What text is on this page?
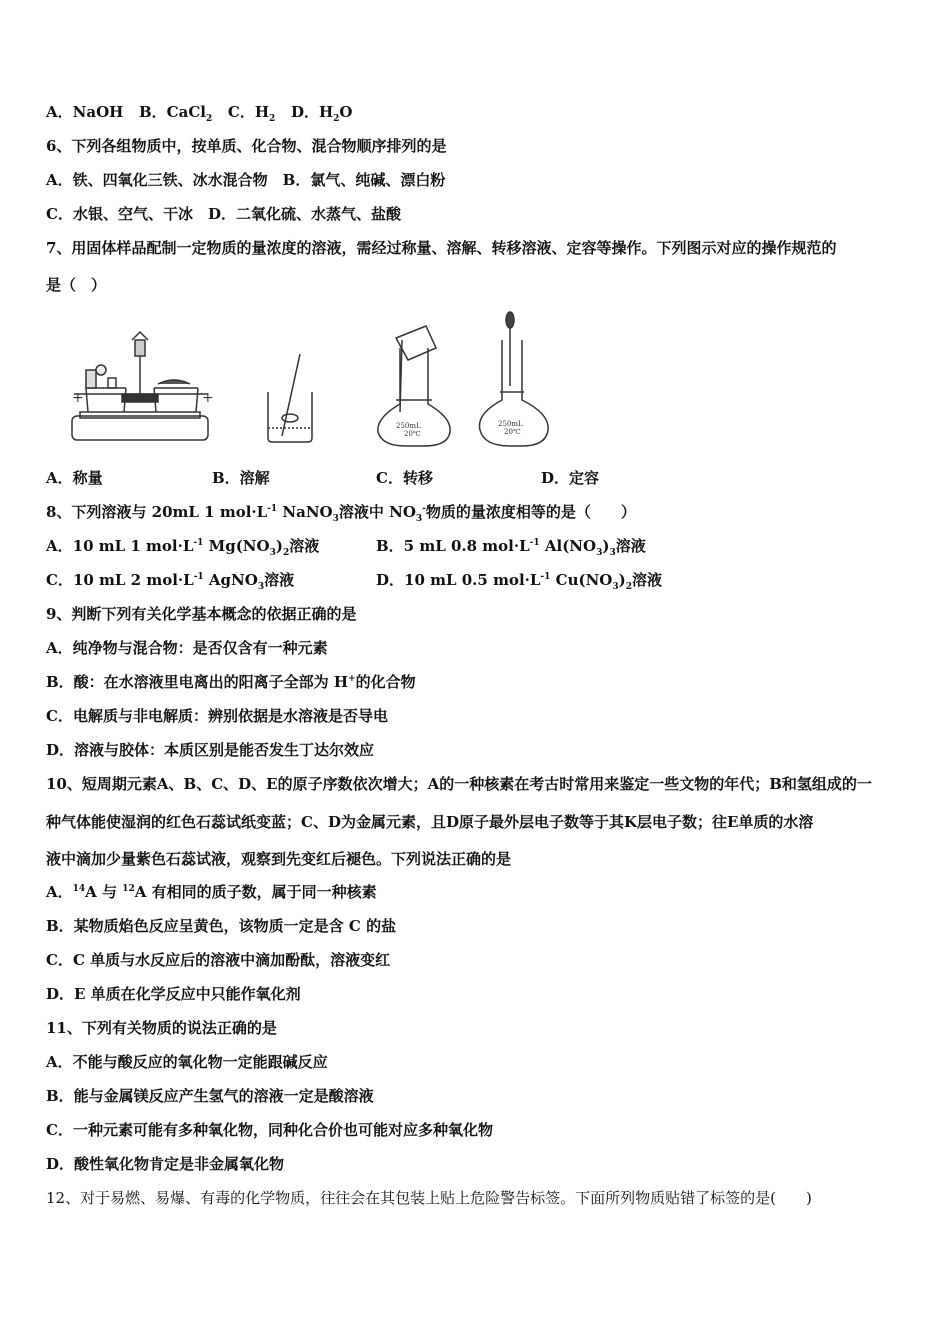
A．NaOH B．CaCl$_2$ C．$H_2$ D．$H_2O$
6、下列各组物质中，按单质、化合物、混合物顺序排列的是
A．铁、四氧化三铁、冰水混合物　B．氯气、纯碱、漂白粉
C．水银、空气、干冰　D．二氧化硫、水蒸气、盐酸
7、用固体样品配制一定物质的量浓度的溶液，需经过称量、溶解、转移溶液、定容等操作。下列图示对应的操作规范的
是（　）
+	+
250mL
20℃
250mL
20℃
A．称量	B．溶解	C．转移	D．定容
8、下列溶液与 20mL 1 $mol\cdot L^{-1}$ NaNO$_3$溶液中 $NO_3^-$物质的量浓度相等的是（　　）
A．10 mL 1 $mol\cdot L^{-1}$ $Mg(NO_3)_2$溶液	B．5 mL 0.8 $mol\cdot L^{-1}$ $Al(NO_3)_3$溶液
C．10 mL 2 $mol\cdot L^{-1}$ AgNO$_3$溶液	D．10 mL 0.5 $mol\cdot L^{-1}$ $Cu(NO_3)_2$溶液
9、判断下列有关化学基本概念的依据正确的是
A．纯净物与混合物：是否仅含有一种元素
B．酸：在水溶液里电离出的阳离子全部为 H+的化合物
C．电解质与非电解质：辨别依据是水溶液是否导电
D．溶液与胶体：本质区别是能否发生丁达尔效应
10、短周期元素A、B、C、D、E的原子序数依次增大；A的一种核素在考古时常用来鉴定一些文物的年代；B和氢组成的一
种气体能使湿润的红色石蕊试纸变蓝；C、D为金属元素，且D原子最外层电子数等于其K层电子数；往E单质的水溶
液中滴加少量紫色石蕊试液，观察到先变红后褪色。下列说法正确的是
A．$^{14}$A 与 $^{12}$A 有相同的质子数，属于同一种核素
B．某物质焰色反应呈黄色，该物质一定是含 C 的盐
C．C 单质与水反应后的溶液中滴加酚酞，溶液变红
D．E 单质在化学反应中只能作氧化剂
11、下列有关物质的说法正确的是
A．不能与酸反应的氧化物一定能跟碱反应
B．能与金属镁反应产生氢气的溶液一定是酸溶液
C．一种元素可能有多种氧化物，同种化合价也可能对应多种氧化物
D．酸性氧化物肯定是非金属氧化物
12、对于易燃、易爆、有毒的化学物质，往往会在其包装上贴上危险警告标签。下面所列物质贴错了标签的是(　　)
